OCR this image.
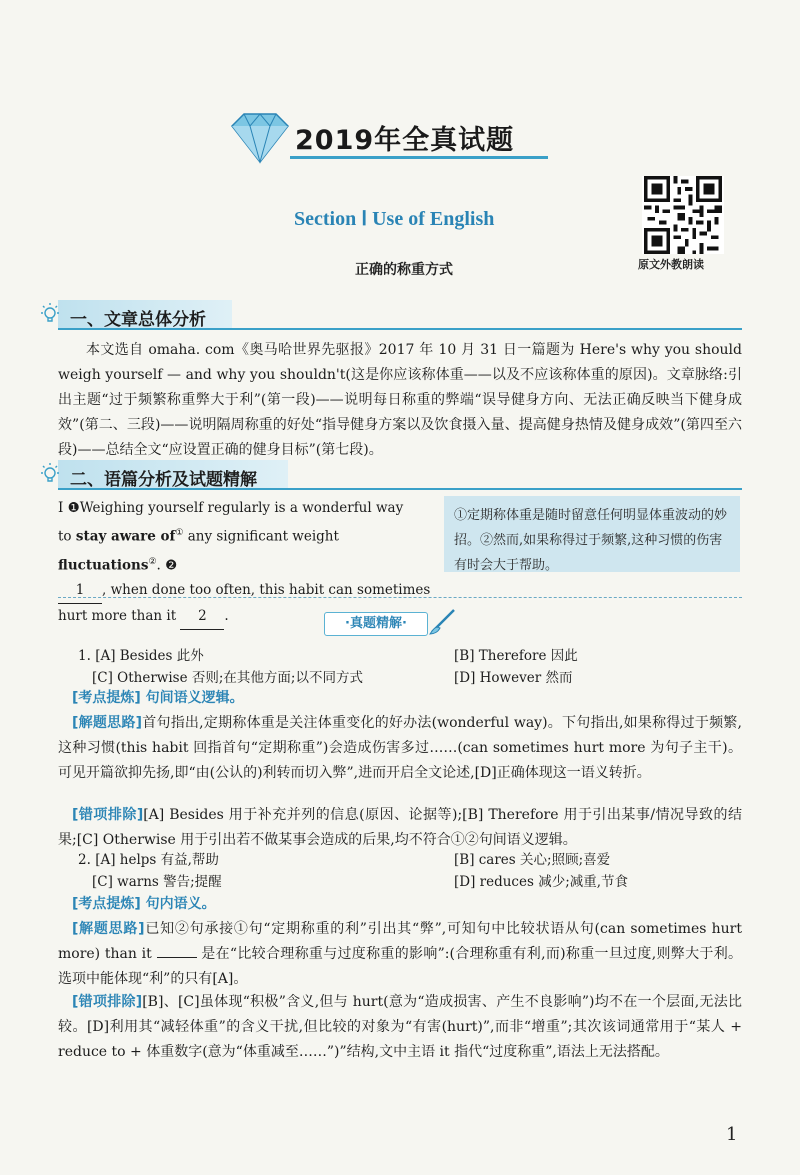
2019年全真试题
Section Ⅰ Use of English
正确的称重方式	原文外教朗读
一、文章总体分析
本文选自 omaha. com《奥马哈世界先驱报》2017 年 10 月 31 日一篇题为 Here's why you should weigh yourself — and why you shouldn't(这是你应该称体重——以及不应该称体重的原因)。文章脉络:引出主题“过于频繁称重弊大于利”(第一段)——说明每日称重的弊端“误导健身方向、无法正确反映当下健身成效”(第二、三段)——说明隔周称重的好处“指导健身方案以及饮食摄入量、提高健身热情及健身成效”(第四至六段)——总结全文“应设置正确的健身目标”(第七段)。
二、语篇分析及试题精解
Ⅰ ❶Weighing yourself regularly is a wonderful way
to stay aware of① any significant weight fluctuations②. ❷
1 , when done too often, this habit can sometimes
hurt more than it 2 .
①定期称体重是随时留意任何明显体重波动的妙招。②然而,如果称得过于频繁,这种习惯的伤害有时会大于帮助。
·真题精解·
1. [A] Besides 此外	[B] Therefore 因此
[C] Otherwise 否则;在其他方面;以不同方式	[D] However 然而
[考点提炼] 句间语义逻辑。
[解题思路]首句指出,定期称体重是关注体重变化的好办法(wonderful way)。下句指出,如果称得过于频繁,这种习惯(this habit 回指首句“定期称重”)会造成伤害多过……(can sometimes hurt more 为句子主干)。可见开篇欲抑先扬,即“由(公认的)利转而切入弊”,进而开启全文论述,[D]正确体现这一语义转折。
[错项排除][A] Besides 用于补充并列的信息(原因、论据等);[B] Therefore 用于引出某事/情况导致的结果;[C] Otherwise 用于引出若不做某事会造成的后果,均不符合①②句间语义逻辑。
2. [A] helps 有益,帮助	[B] cares 关心;照顾;喜爱
[C] warns 警告;提醒	[D] reduces 减少;减重,节食
[考点提炼] 句内语义。
[解题思路]已知②句承接①句“定期称重的利”引出其“弊”,可知句中比较状语从句(can sometimes hurt more) than it	是在“比较合理称重与过度称重的影响”:(合理称重有利,而)称重一旦过度,则弊大于利。选项中能体现“利”的只有[A]。
[错项排除][B]、[C]虽体现“积极”含义,但与 hurt(意为“造成损害、产生不良影响”)均不在一个层面,无法比较。[D]利用其“减轻体重”的含义干扰,但比较的对象为“有害(hurt)”,而非“增重”;其次该词通常用于“某人 + reduce to + 体重数字(意为“体重减至……”)”结构,文中主语 it 指代“过度称重”,语法上无法搭配。
1
